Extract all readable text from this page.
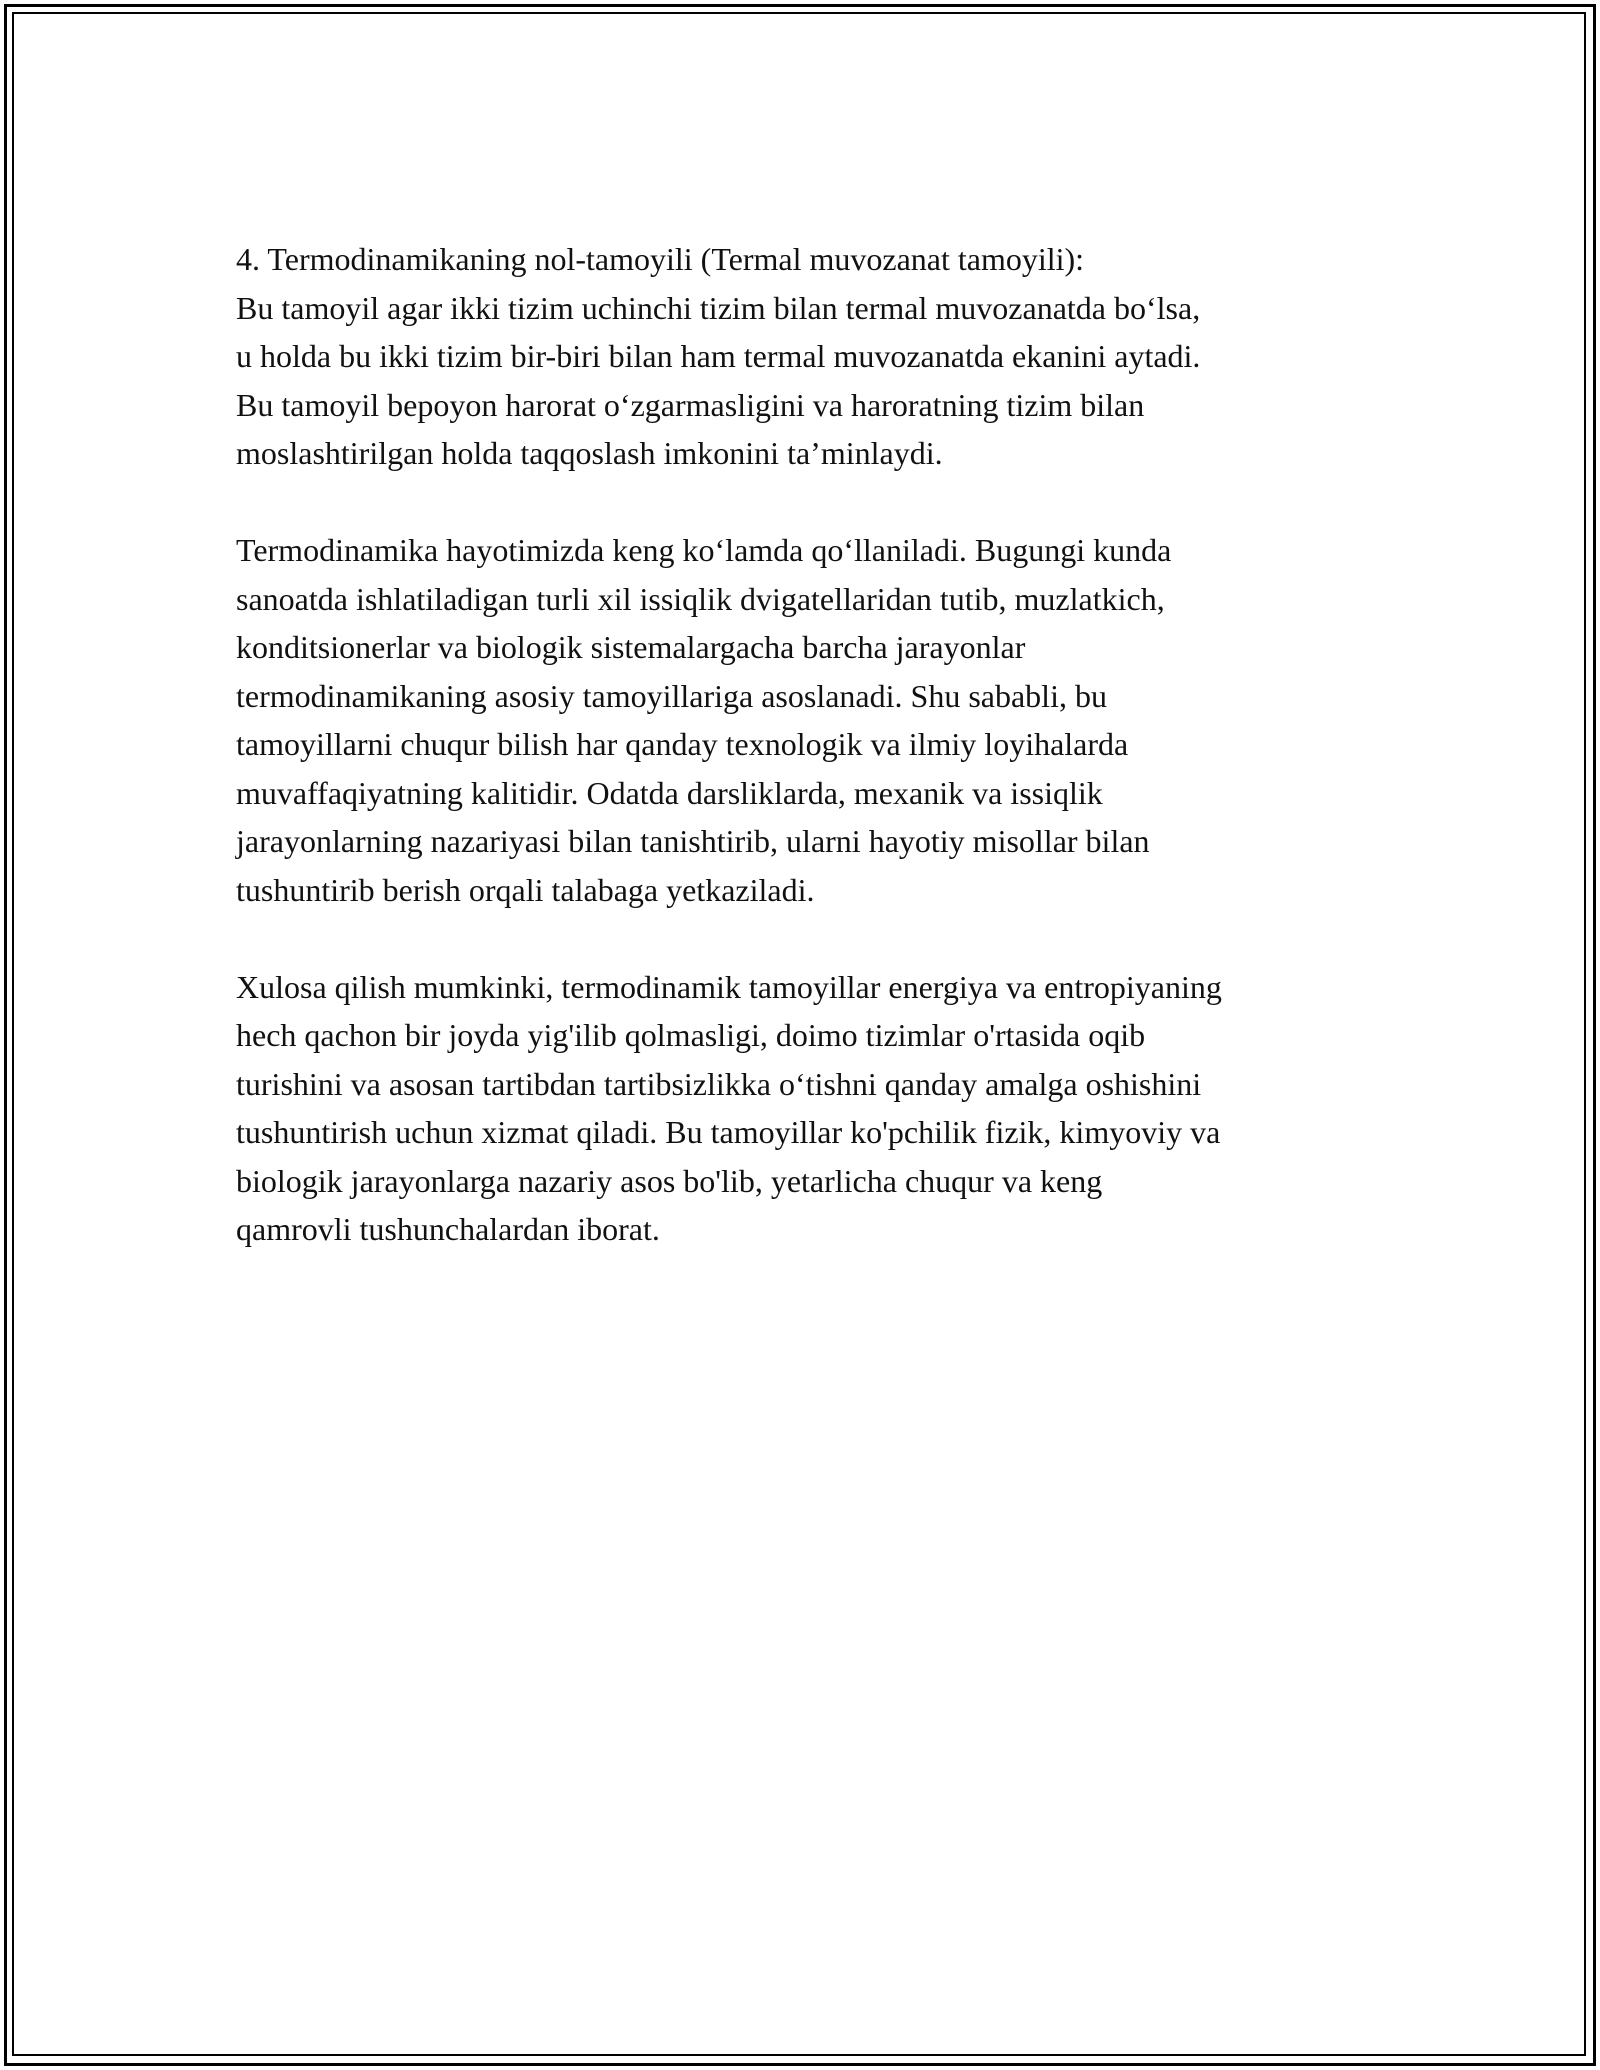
4. Termodinamikaning nol-tamoyili (Termal muvozanat tamoyili):
Bu tamoyil agar ikki tizim uchinchi tizim bilan termal muvozanatda bo‘lsa,
u holda bu ikki tizim bir-biri bilan ham termal muvozanatda ekanini aytadi.
Bu tamoyil bepoyon harorat o‘zgarmasligini va haroratning tizim bilan
moslashtirilgan holda taqqoslash imkonini ta’minlaydi.

Termodinamika hayotimizda keng ko‘lamda qo‘llaniladi. Bugungi kunda
sanoatda ishlatiladigan turli xil issiqlik dvigatellaridan tutib, muzlatkich,
konditsionerlar va biologik sistemalargacha barcha jarayonlar
termodinamikaning asosiy tamoyillariga asoslanadi. Shu sababli, bu
tamoyillarni chuqur bilish har qanday texnologik va ilmiy loyihalarda
muvaffaqiyatning kalitidir. Odatda darsliklarda, mexanik va issiqlik
jarayonlarning nazariyasi bilan tanishtirib, ularni hayotiy misollar bilan
tushuntirib berish orqali talabaga yetkaziladi.

Xulosa qilish mumkinki, termodinamik tamoyillar energiya va entropiyaning
hech qachon bir joyda yig'ilib qolmasligi, doimo tizimlar o'rtasida oqib
turishini va asosan tartibdan tartibsizlikka o‘tishni qanday amalga oshishini
tushuntirish uchun xizmat qiladi. Bu tamoyillar ko'pchilik fizik, kimyoviy va
biologik jarayonlarga nazariy asos bo'lib, yetarlicha chuqur va keng
qamrovli tushunchalardan iborat.
